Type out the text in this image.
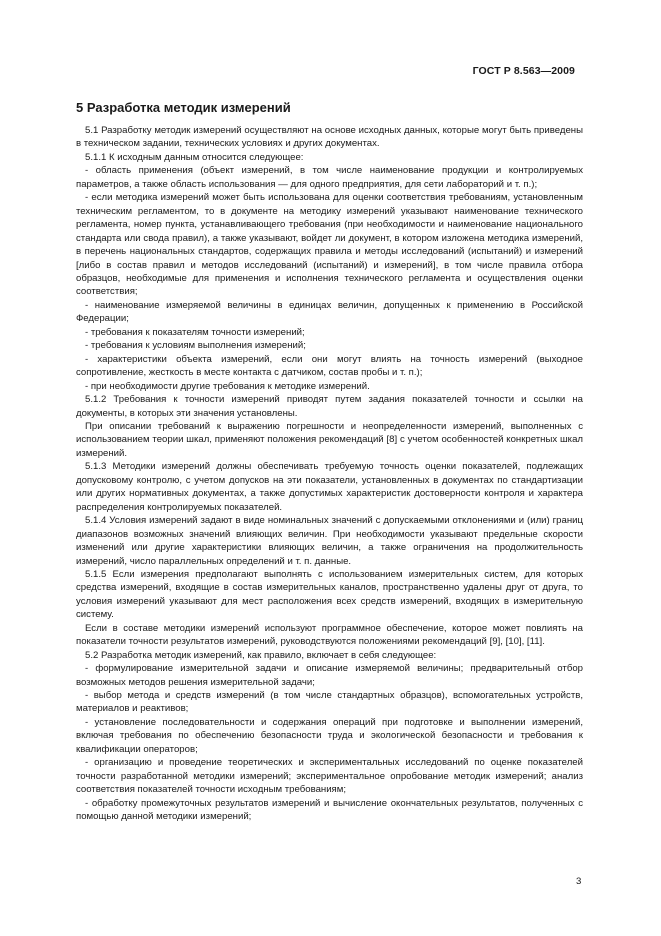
ГОСТ Р 8.563—2009
5 Разработка методик измерений

5.1 Разработку методик измерений осуществляют на основе исходных данных, которые могут быть приведены в техническом задании, технических условиях и других документах.

5.1.1 К исходным данным относится следующее:

- область применения (объект измерений, в том числе наименование продукции и контролируемых параметров, а также область использования — для одного предприятия, для сети лабораторий и т. п.);

- если методика измерений может быть использована для оценки соответствия требованиям, установленным техническим регламентом, то в документе на методику измерений указывают наименование технического регламента, номер пункта, устанавливающего требования (при необходимости и наименование национального стандарта или свода правил), а также указывают, войдет ли документ, в котором изложена методика измерений, в перечень национальных стандартов, содержащих правила и методы исследований (испытаний) и измерений [либо в состав правил и методов исследований (испытаний) и измерений], в том числе правила отбора образцов, необходимые для применения и исполнения технического регламента и осуществления оценки соответствия;

- наименование измеряемой величины в единицах величин, допущенных к применению в Российской Федерации;

- требования к показателям точности измерений;

- требования к условиям выполнения измерений;

- характеристики объекта измерений, если они могут влиять на точность измерений (выходное сопротивление, жесткость в месте контакта с датчиком, состав пробы и т. п.);

- при необходимости другие требования к методике измерений.

5.1.2 Требования к точности измерений приводят путем задания показателей точности и ссылки на документы, в которых эти значения установлены.

При описании требований к выражению погрешности и неопределенности измерений, выполненных с использованием теории шкал, применяют положения рекомендаций [8] с учетом особенностей конкретных шкал измерений.

5.1.3 Методики измерений должны обеспечивать требуемую точность оценки показателей, подлежащих допусковому контролю, с учетом допусков на эти показатели, установленных в документах по стандартизации или других нормативных документах, а также допустимых характеристик достоверности контроля и характера распределения контролируемых показателей.

5.1.4 Условия измерений задают в виде номинальных значений с допускаемыми отклонениями и (или) границ диапазонов возможных значений влияющих величин. При необходимости указывают предельные скорости изменений или другие характеристики влияющих величин, а также ограничения на продолжительность измерений, число параллельных определений и т. п. данные.

5.1.5 Если измерения предполагают выполнять с использованием измерительных систем, для которых средства измерений, входящие в состав измерительных каналов, пространственно удалены друг от друга, то условия измерений указывают для мест расположения всех средств измерений, входящих в измерительную систему.

Если в составе методики измерений используют программное обеспечение, которое может повлиять на показатели точности результатов измерений, руководствуются положениями рекомендаций [9], [10], [11].

5.2 Разработка методик измерений, как правило, включает в себя следующее:

- формулирование измерительной задачи и описание измеряемой величины; предварительный отбор возможных методов решения измерительной задачи;

- выбор метода и средств измерений (в том числе стандартных образцов), вспомогательных устройств, материалов и реактивов;

- установление последовательности и содержания операций при подготовке и выполнении измерений, включая требования по обеспечению безопасности труда и экологической безопасности и требования к квалификации операторов;

- организацию и проведение теоретических и экспериментальных исследований по оценке показателей точности разработанной методики измерений; экспериментальное опробование методик измерений; анализ соответствия показателей точности исходным требованиям;

- обработку промежуточных результатов измерений и вычисление окончательных результатов, полученных с помощью данной методики измерений;

3
